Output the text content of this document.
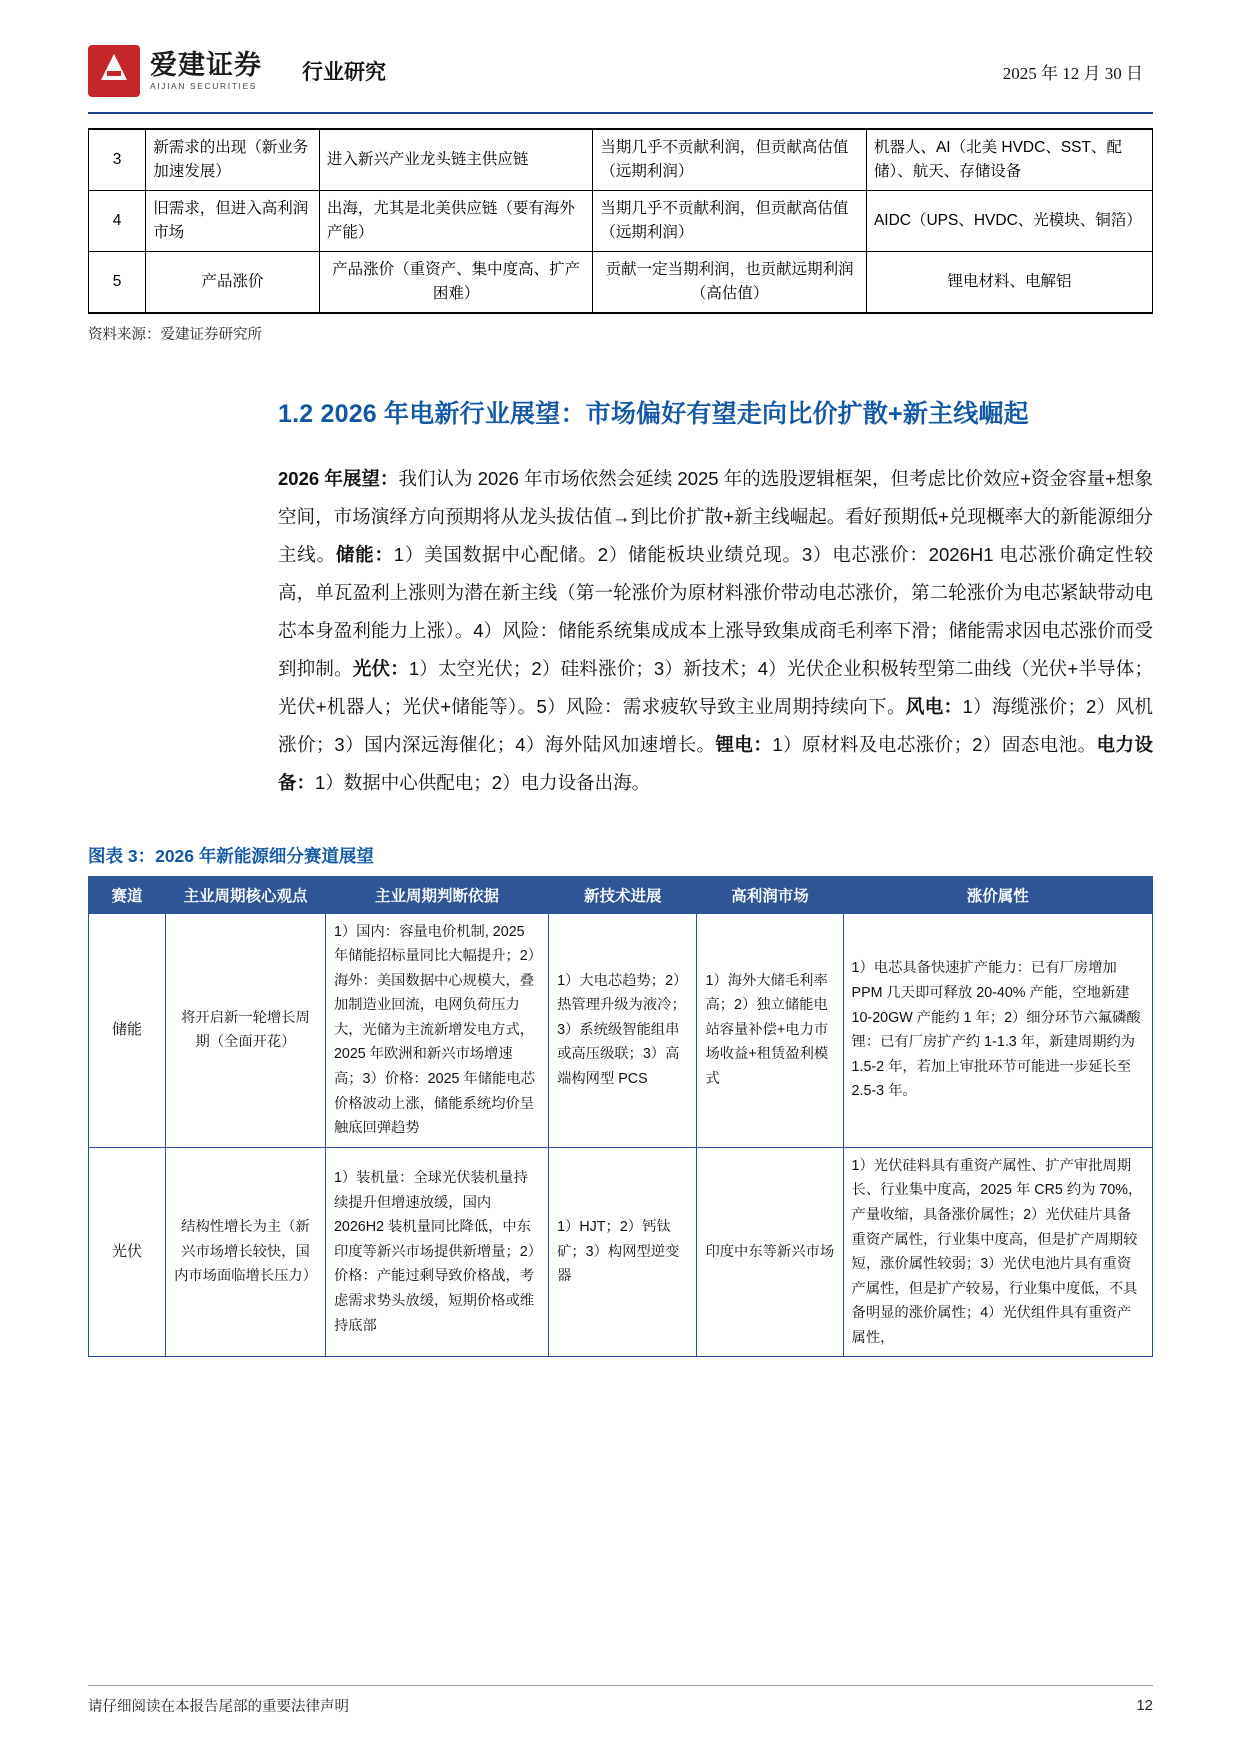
爱建证券
AIJIAN SECURITIES
行业研究	2025 年 12 月 30 日
3	新需求的出现（新业务加速发展）	进入新兴产业龙头链主供应链	当期几乎不贡献利润，但贡献高估值（远期利润）	机器人、AI（北美 HVDC、SST、配储）、航天、存储设备
4	旧需求，但进入高利润市场	出海，尤其是北美供应链（要有海外产能）	当期几乎不贡献利润，但贡献高估值（远期利润）	AIDC（UPS、HVDC、光模块、铜箔）
5	产品涨价	产品涨价（重资产、集中度高、扩产困难）	贡献一定当期利润，也贡献远期利润（高估值）	锂电材料、电解铝
资料来源：爱建证券研究所
1.2 2026 年电新行业展望：市场偏好有望走向比价扩散+新主线崛起

2026 年展望：我们认为 2026 年市场依然会延续 2025 年的选股逻辑框架，但考虑比价效应+资金容量+想象空间，市场演绎方向预期将从龙头拔估值→到比价扩散+新主线崛起。看好预期低+兑现概率大的新能源细分主线。储能：1）美国数据中心配储。2）储能板块业绩兑现。3）电芯涨价：2026H1 电芯涨价确定性较高，单瓦盈利上涨则为潜在新主线（第一轮涨价为原材料涨价带动电芯涨价，第二轮涨价为电芯紧缺带动电芯本身盈利能力上涨）。4）风险：储能系统集成成本上涨导致集成商毛利率下滑；储能需求因电芯涨价而受到抑制。光伏：1）太空光伏；2）硅料涨价；3）新技术；4）光伏企业积极转型第二曲线（光伏+半导体；光伏+机器人；光伏+储能等）。5）风险：需求疲软导致主业周期持续向下。风电：1）海缆涨价；2）风机涨价；3）国内深远海催化；4）海外陆风加速增长。锂电：1）原材料及电芯涨价；2）固态电池。电力设备：1）数据中心供配电；2）电力设备出海。

图表 3：2026 年新能源细分赛道展望
赛道	主业周期核心观点	主业周期判断依据	新技术进展	高利润市场	涨价属性
储能	将开启新一轮增长周期（全面开花）	1）国内：容量电价机制, 2025 年储能招标量同比大幅提升；2）海外：美国数据中心规模大，叠加制造业回流，电网负荷压力大，光储为主流新增发电方式，2025 年欧洲和新兴市场增速高；3）价格：2025 年储能电芯价格波动上涨，储能系统均价呈触底回弹趋势	1）大电芯趋势；2）热管理升级为液冷；3）系统级智能组串或高压级联；3）高端构网型 PCS	1）海外大储毛利率高；2）独立储能电站容量补偿+电力市场收益+租赁盈利模式	1）电芯具备快速扩产能力：已有厂房增加 PPM 几天即可释放 20-40% 产能，空地新建 10-20GW 产能约 1 年；2）细分环节六氟磷酸锂：已有厂房扩产约 1-1.3 年，新建周期约为 1.5-2 年，若加上审批环节可能进一步延长至 2.5-3 年。
光伏	结构性增长为主（新兴市场增长较快，国内市场面临增长压力）	1）装机量：全球光伏装机量持续提升但增速放缓，国内 2026H2 装机量同比降低，中东印度等新兴市场提供新增量；2）价格：产能过剩导致价格战，考虑需求势头放缓，短期价格或维持底部	1）HJT；2）钙钛矿；3）构网型逆变器	印度中东等新兴市场	1）光伏硅料具有重资产属性、扩产审批周期长、行业集中度高，2025 年 CR5 约为 70%，产量收缩，具备涨价属性；2）光伏硅片具备重资产属性，行业集中度高，但是扩产周期较短，涨价属性较弱；3）光伏电池片具有重资产属性，但是扩产较易，行业集中度低，不具备明显的涨价属性；4）光伏组件具有重资产属性，
请仔细阅读在本报告尾部的重要法律声明	12
